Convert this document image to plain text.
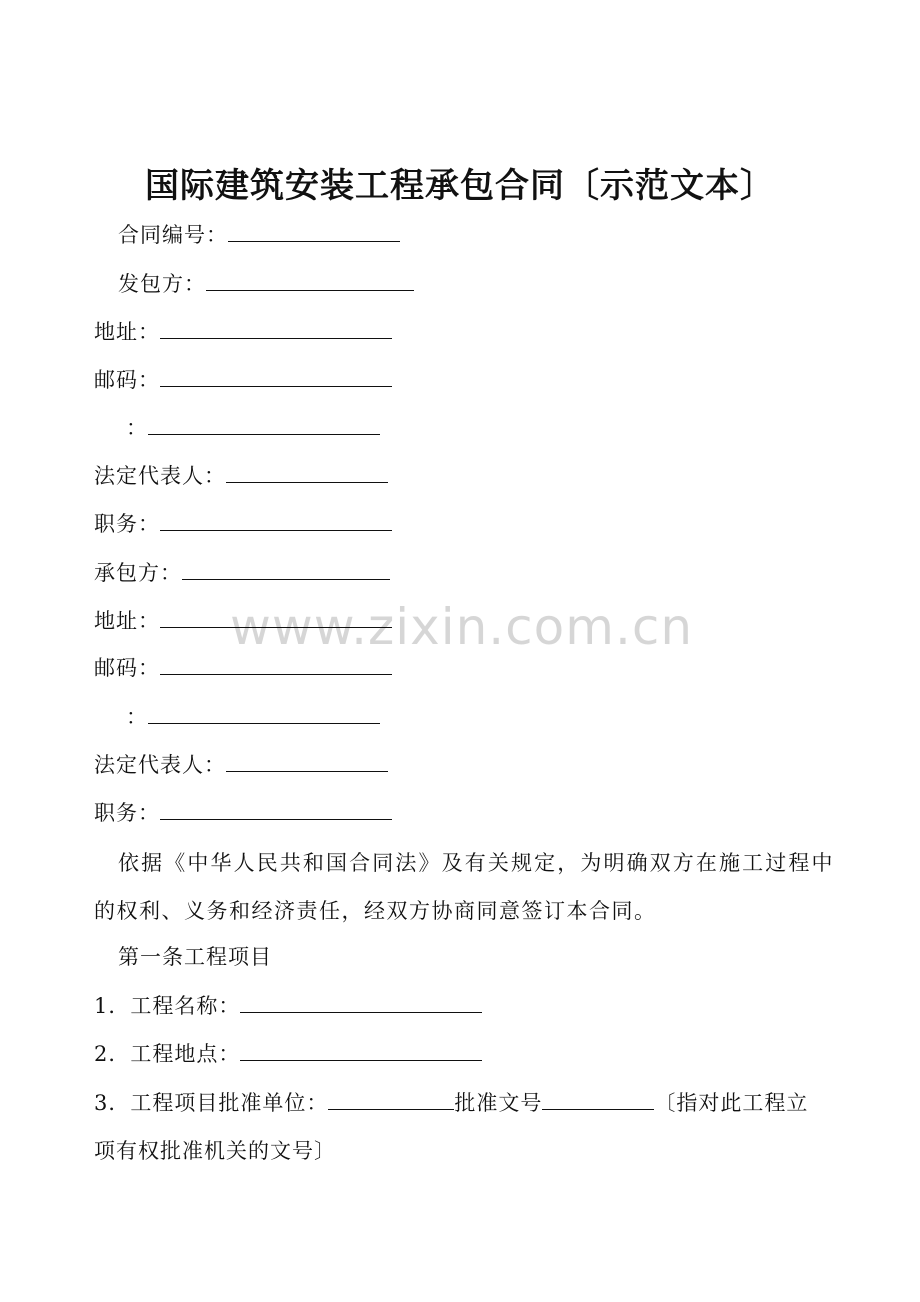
国际建筑安装工程承包合同〔示范文本〕
合同编号：
发包方：
地址：
邮码：
：
法定代表人：
职务：
承包方：
地址：
邮码：
：
法定代表人：
职务：
依据《中华人民共和国合同法》及有关规定，为明确双方在施工过程中的权利、义务和经济责任，经双方协商同意签订本合同。
第一条工程项目
1．工程名称：
2．工程地点：
3．工程项目批准单位：	批准文号	〔指对此工程立
项有权批准机关的文号〕
www.zixin.com.cn
